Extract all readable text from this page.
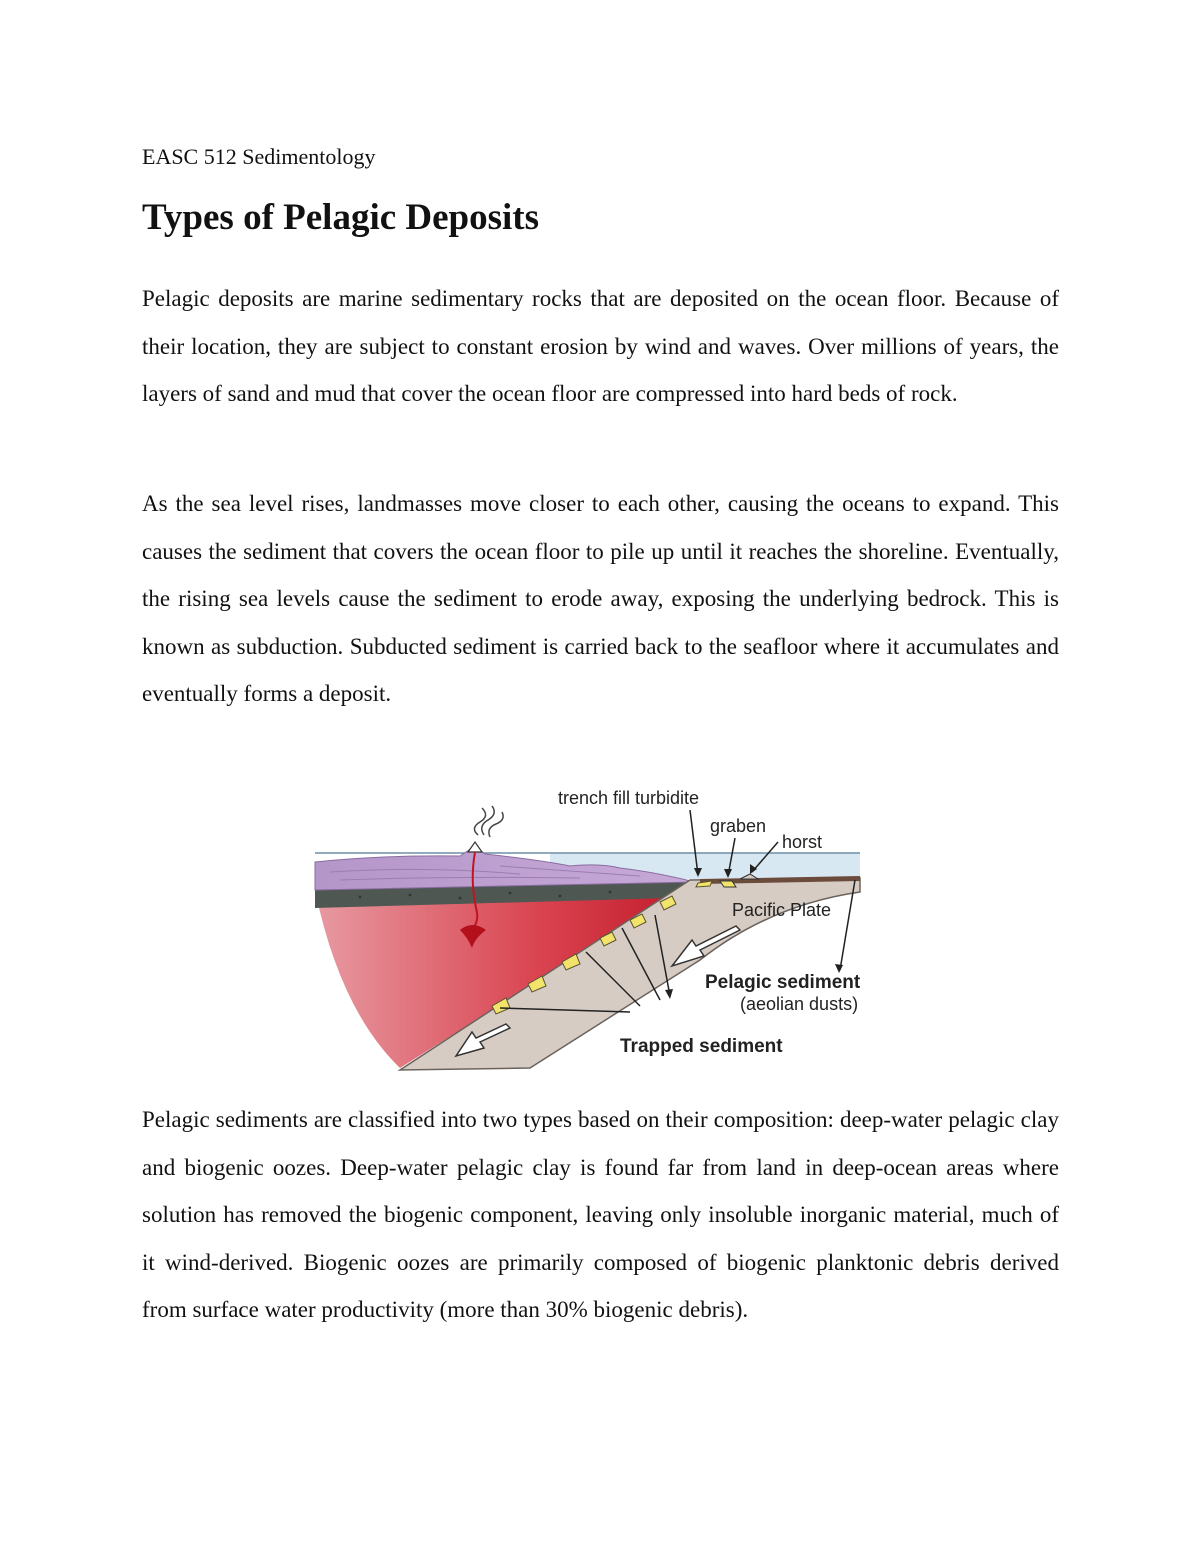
EASC 512 Sedimentology
Types of Pelagic Deposits

Pelagic deposits are marine sedimentary rocks that are deposited on the ocean floor. Because of their location, they are subject to constant erosion by wind and waves. Over millions of years, the layers of sand and mud that cover the ocean floor are compressed into hard beds of rock.

As the sea level rises, landmasses move closer to each other, causing the oceans to expand. This causes the sediment that covers the ocean floor to pile up until it reaches the shoreline. Eventually, the rising sea levels cause the sediment to erode away, exposing the underlying bedrock. This is known as subduction. Subducted sediment is carried back to the seafloor where it accumulates and eventually forms a deposit.

trench fill turbidite
graben
horst
Pacific Plate
Pelagic sediment
(aeolian dusts)
Trapped sediment

Pelagic sediments are classified into two types based on their composition: deep-water pelagic clay and biogenic oozes. Deep-water pelagic clay is found far from land in deep-ocean areas where solution has removed the biogenic component, leaving only insoluble inorganic material, much of it wind-derived. Biogenic oozes are primarily composed of biogenic planktonic debris derived from surface water productivity (more than 30% biogenic debris).
